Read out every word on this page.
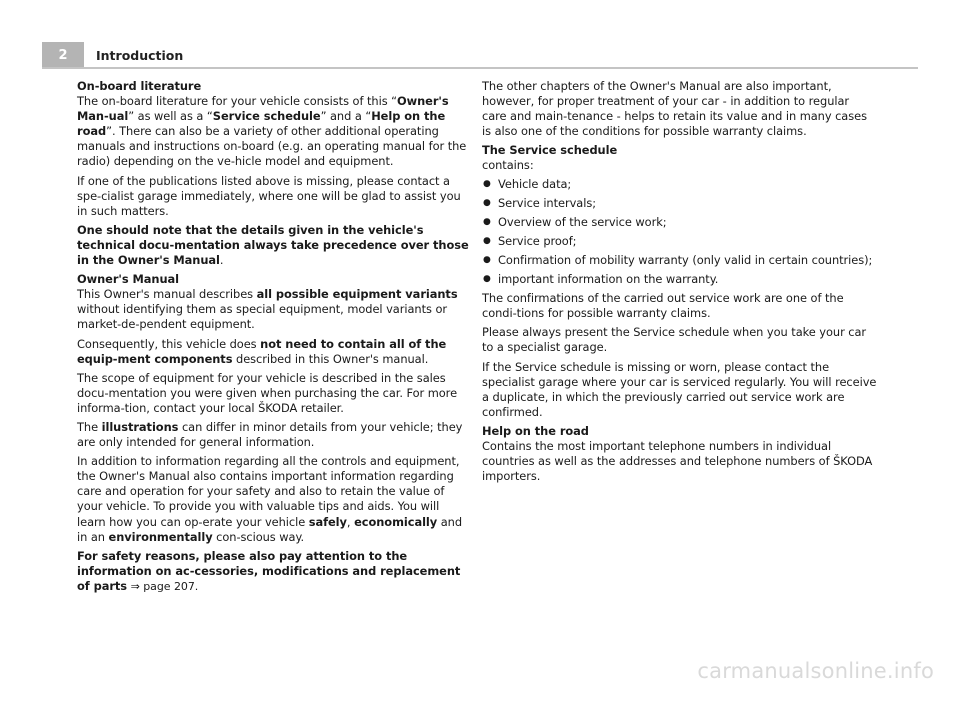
2	Introduction

On-board literature

The on-board literature for your vehicle consists of this “Owner's Man-ual” as well as a “Service schedule” and a “Help on the road”. There can also be a variety of other additional operating manuals and instructions on-board (e.g. an operating manual for the radio) depending on the ve-hicle model and equipment.

If one of the publications listed above is missing, please contact a spe-cialist garage immediately, where one will be glad to assist you in such matters.

One should note that the details given in the vehicle's technical docu-mentation always take precedence over those in the Owner's Manual.

Owner's Manual

This Owner's manual describes all possible equipment variants without identifying them as special equipment, model variants or market-de-pendent equipment.

Consequently, this vehicle does not need to contain all of the equip-ment components described in this Owner's manual.

The scope of equipment for your vehicle is described in the sales docu-mentation you were given when purchasing the car. For more informa-tion, contact your local ŠKODA retailer.

The illustrations can differ in minor details from your vehicle; they are only intended for general information.

In addition to information regarding all the controls and equipment, the Owner's Manual also contains important information regarding care and operation for your safety and also to retain the value of your vehicle. To provide you with valuable tips and aids. You will learn how you can op-erate your vehicle safely, economically and in an environmentally con-scious way.

For safety reasons, please also pay attention to the information on ac-cessories, modifications and replacement of parts ⇒ page 207.

The other chapters of the Owner's Manual are also important, however, for proper treatment of your car - in addition to regular care and main-tenance - helps to retain its value and in many cases is also one of the conditions for possible warranty claims.

The Service schedule

contains:

● Vehicle data;
● Service intervals;
● Overview of the service work;
● Service proof;
● Confirmation of mobility warranty (only valid in certain countries);
● important information on the warranty.

The confirmations of the carried out service work are one of the condi-tions for possible warranty claims.

Please always present the Service schedule when you take your car to a specialist garage.

If the Service schedule is missing or worn, please contact the specialist garage where your car is serviced regularly. You will receive a duplicate, in which the previously carried out service work are confirmed.

Help on the road

Contains the most important telephone numbers in individual countries as well as the addresses and telephone numbers of ŠKODA importers.

carmanualsonline.info
